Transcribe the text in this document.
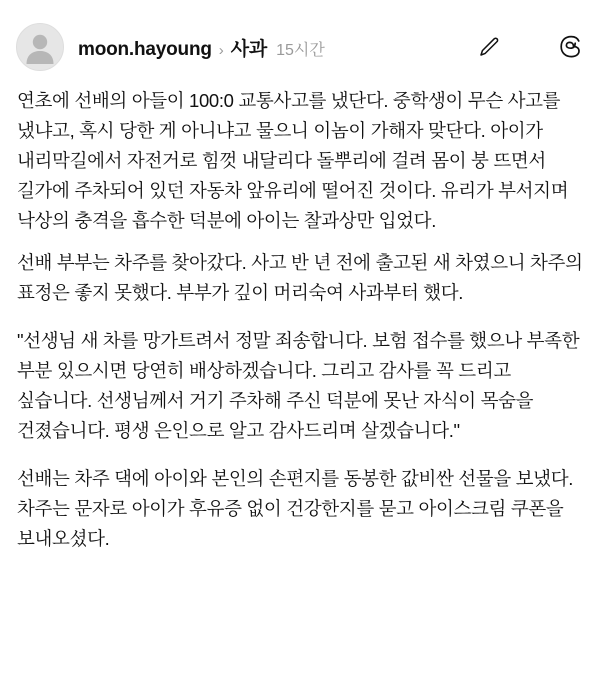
moon.hayoung › 사과 15시간

연초에 선배의 아들이 100:0 교통사고를 냈단다. 중학생이 무슨 사고를 냈냐고, 혹시 당한 게 아니냐고 물으니 이놈이 가해자 맞단다. 아이가 내리막길에서 자전거로 힘껏 내달리다 돌뿌리에 걸려 몸이 붕 뜨면서 길가에 주차되어 있던 자동차 앞유리에 떨어진 것이다. 유리가 부서지며 낙상의 충격을 흡수한 덕분에 아이는 찰과상만 입었다.

선배 부부는 차주를 찾아갔다. 사고 반 년 전에 출고된 새 차였으니 차주의 표정은 좋지 못했다. 부부가 깊이 머리숙여 사과부터 했다.

"선생님 새 차를 망가트려서 정말 죄송합니다. 보험 접수를 했으나 부족한 부분 있으시면 당연히 배상하겠습니다. 그리고 감사를 꼭 드리고 싶습니다. 선생님께서 거기 주차해 주신 덕분에 못난 자식이 목숨을 건졌습니다. 평생 은인으로 알고 감사드리며 살겠습니다."

선배는 차주 댁에 아이와 본인의 손편지를 동봉한 값비싼 선물을 보냈다. 차주는 문자로 아이가 후유증 없이 건강한지를 묻고 아이스크림 쿠폰을 보내오셨다.
